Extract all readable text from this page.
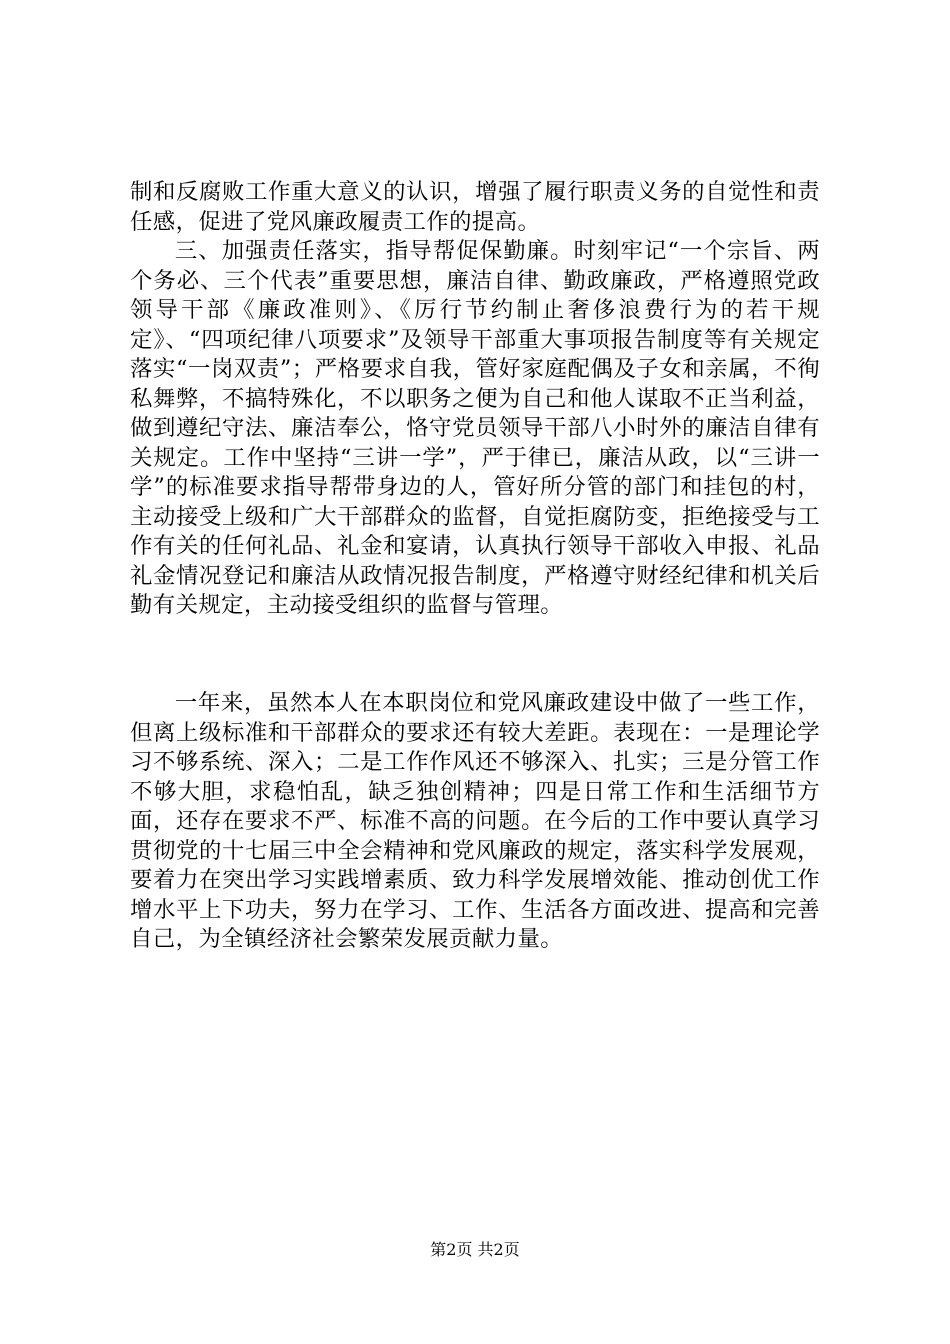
制和反腐败工作重大意义的认识，增强了履行职责义务的自觉性和责任感，促进了党风廉政履责工作的提高。

三、加强责任落实，指导帮促保勤廉。时刻牢记“一个宗旨、两个务必、三个代表”重要思想，廉洁自律、勤政廉政，严格遵照党政领导干部《廉政准则》、《厉行节约制止奢侈浪费行为的若干规定》、“四项纪律八项要求”及领导干部重大事项报告制度等有关规定落实“一岗双责”；严格要求自我，管好家庭配偶及子女和亲属，不徇私舞弊，不搞特殊化，不以职务之便为自己和他人谋取不正当利益，做到遵纪守法、廉洁奉公，恪守党员领导干部八小时外的廉洁自律有关规定。工作中坚持“三讲一学”，严于律已，廉洁从政，以“三讲一学”的标准要求指导帮带身边的人，管好所分管的部门和挂包的村，主动接受上级和广大干部群众的监督，自觉拒腐防变，拒绝接受与工作有关的任何礼品、礼金和宴请，认真执行领导干部收入申报、礼品礼金情况登记和廉洁从政情况报告制度，严格遵守财经纪律和机关后勤有关规定，主动接受组织的监督与管理。

一年来，虽然本人在本职岗位和党风廉政建设中做了一些工作，但离上级标准和干部群众的要求还有较大差距。表现在：一是理论学习不够系统、深入；二是工作作风还不够深入、扎实；三是分管工作不够大胆，求稳怕乱，缺乏独创精神；四是日常工作和生活细节方面，还存在要求不严、标准不高的问题。在今后的工作中要认真学习贯彻党的十七届三中全会精神和党风廉政的规定，落实科学发展观，要着力在突出学习实践增素质、致力科学发展增效能、推动创优工作增水平上下功夫，努力在学习、工作、生活各方面改进、提高和完善自己，为全镇经济社会繁荣发展贡献力量。

第2页 共2页
